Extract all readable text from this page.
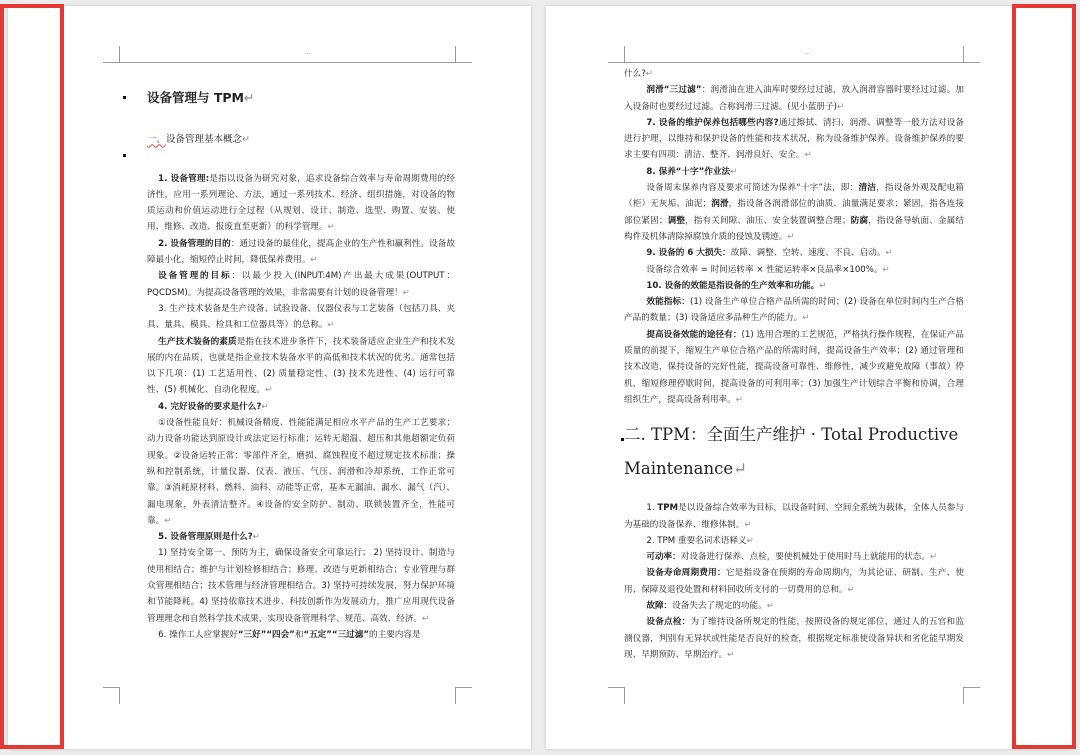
...

设备管理与 TPM↵

一、设备管理基本概念↵

1. 设备管理:是指以设备为研究对象，追求设备综合效率与寿命周期费用的经济性，应用一系列理论、方法，通过一系列技术、经济、组织措施，对设备的物质运动和价值运动进行全过程（从规划、设计、制造、选型、购置、安装、使用、维修、改造、报废直至更新）的科学管理。↵

2. 设备管理的目的：通过设备的最佳化，提高企业的生产性和赢利性。设备故障最小化，缩短停止时间，降低保养费用。↵

设备管理的目标：以最少投入(INPUT:4M)产出最大成果(OUTPUT：PQCDSM)。为提高设备管理的效果，非常需要有计划的设备管理！↵

3. 生产技术装备是生产设备、试验设备、仪器仪表与工艺装备（包括刀具、夹具、量具、模具、检具和工位器具等）的总称。↵

生产技术装备的素质是指在技术进步条件下，技术装备适应企业生产和技术发展的内在品质，也就是指企业技术装备水平的高低和技术状况的优劣。通常包括以下几项：(1) 工艺适用性、(2) 质量稳定性、(3) 技术先进性、(4) 运行可靠性、(5) 机械化、自动化程度。↵

4. 完好设备的要求是什么?↵

①设备性能良好：机械设备精度、性能能满足相应水平产品的生产工艺要求；动力设备功能达到原设计或法定运行标准；运转无超温、超压和其他超额定负荷现象。②设备运转正常：零部件齐全，磨损、腐蚀程度不超过规定技术标准；操纵和控制系统，计量仪器、仪表、液压、气压、润滑和冷却系统，工作正常可靠。③消耗原材料、燃料、油料、动能等正常，基本无漏油、漏水、漏气（汽）、漏电现象，外表清洁整齐。④设备的安全防护、制动、联锁装置齐全，性能可靠。↵

5. 设备管理原则是什么?↵

1) 坚持安全第一、预防为主，确保设备安全可靠运行； 2) 坚持设计、制造与使用相结合；维护与计划检修相结合；修理、改造与更新相结合；专业管理与群众管理相结合；技术管理与经济管理相结合。3) 坚持可持续发展，努力保护环境和节能降耗。4) 坚持依靠技术进步、科技创新作为发展动力，推广应用现代设备管理理念和自然科学技术成果，实现设备管理科学、规范、高效、经济。↵

6. 操作工人应掌握好“三好”“四会”和“五定”“三过滤”的主要内容是

...

什么?↵

润滑“三过滤”：润滑油在进入油库时要经过过滤，放入润滑容器时要经过过滤。加入设备时也要经过过滤。合称润滑三过滤。(见小蓝册子)↵

7. 设备的维护保养包括哪些内容?通过擦拭、清扫、润滑、调整等一般方法对设备进行护理，以维持和保护设备的性能和技术状况，称为设备维护保养。设备维护保养的要求主要有四项：清洁、整齐、润滑良好、安全。↵

8. 保养“十字”作业法↵

设备周末保养内容及要求可简述为保养“十字”法，即：清洁，指设备外观及配电箱（柜）无灰垢、油泥；润滑，指设备各润滑部位的油质、油量满足要求；紧固，指各连接部位紧固；调整，指有关间隙、油压、安全装置调整合理；防腐，指设备导轨面、金属结构件及机体清除掉腐蚀介质的侵蚀及锈迹。↵

9. 设备的 6 大损失：故障、调整、空转、速度、不良、启动。↵

设备综合效率 = 时间运转率 × 性能运转率×良品率×100%。↵

10. 设备的效能是指设备的生产效率和功能。↵

效能指标：(1) 设备生产单位合格产品所需的时间；(2) 设备在单位时间内生产合格产品的数量；(3) 设备适应多品种生产的能力。↵

提高设备效能的途径有：(1) 选用合理的工艺规范，严格执行操作规程，在保证产品质量的前提下，缩短生产单位合格产品的所需时间，提高设备生产效率；(2) 通过管理和技术改造，保持设备的完好性能，提高设备可靠性、维修性，减少或避免故障（事故）停机，缩短修理停歇时间，提高设备的可利用率；(3) 加强生产计划综合平衡和协调，合理组织生产，提高设备利用率。↵

二. TPM：全面生产维护 · Total Productive Maintenance↵

1. TPM是以设备综合效率为目标，以设备时间、空间全系统为载体，全体人员参与为基础的设备保养、维修体制。↵

2. TPM 重要名词术语释义↵

可动率：对设备进行保养、点检，要使机械处于使用时马上就能用的状态。↵

设备寿命周期费用：它是指设备在预期的寿命周期内，为其论证、研制、生产、使用、保障及退役处置和材料回收所支付的一切费用的总和。↵

故障：设备失去了规定的功能。↵

设备点检：为了维持设备所规定的性能，按照设备的规定部位，通过人的五官和监测仪器，判别有无异状或性能是否良好的检查，根据规定标准使设备异状和劣化能早期发现、早期预防、早期治疗。↵
